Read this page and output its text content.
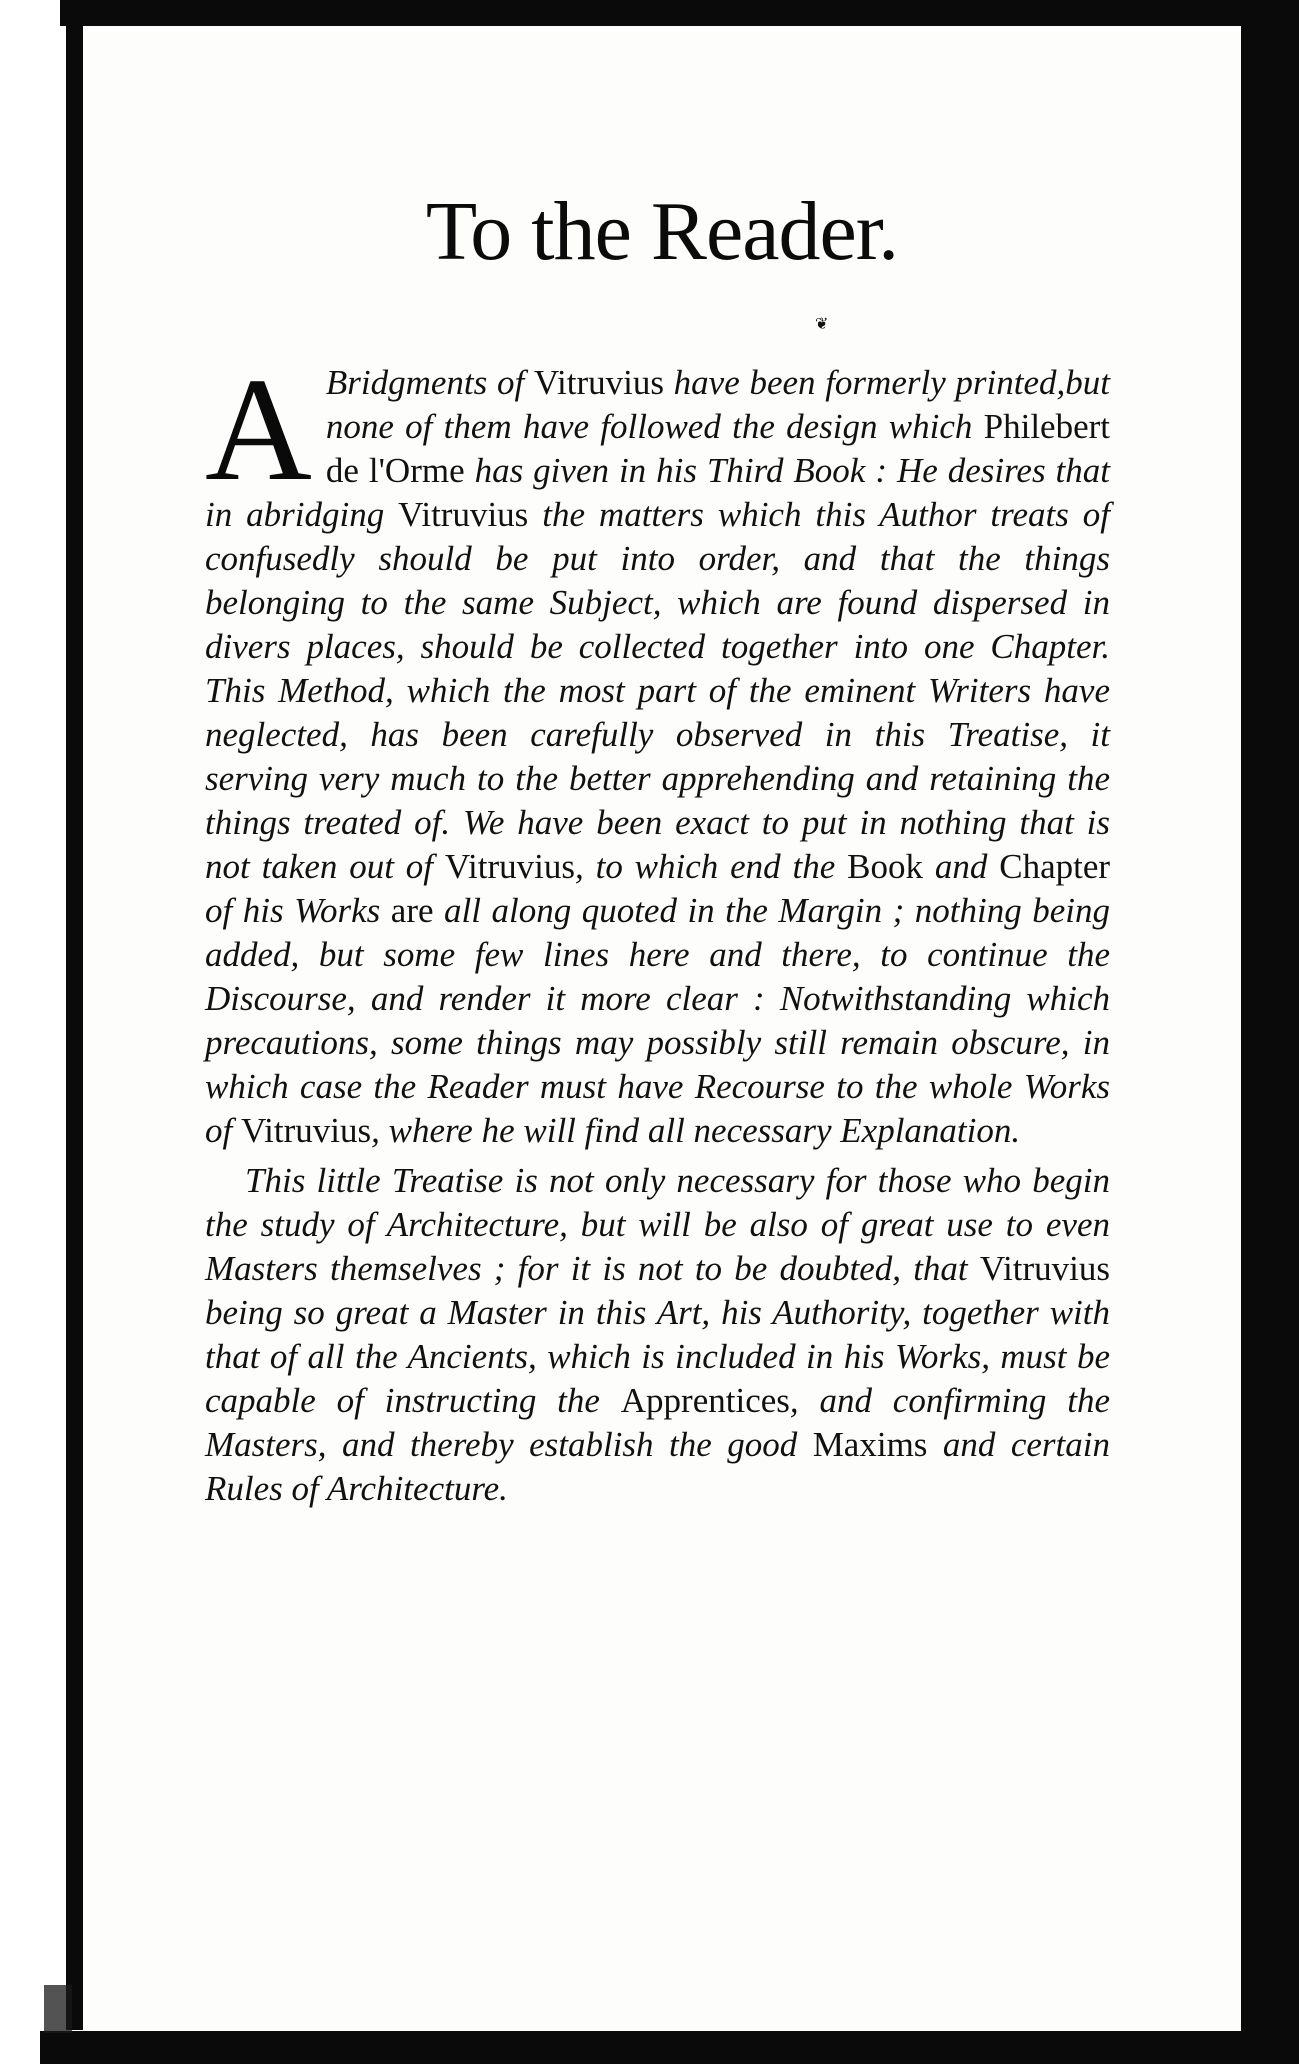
To the Reader.
❦

A Bridgments of Vitruvius have been formerly printed,but none of them have followed the design which Philebert de l'Orme has given in his Third Book : He desires that in abridging Vitruvius the matters which this Author treats of confusedly should be put into order, and that the things belonging to the same Subject, which are found dispersed in divers places, should be collected together into one Chapter. This Method, which the most part of the eminent Writers have neglected, has been carefully observed in this Treatise, it serving very much to the better apprehending and retaining the things treated of. We have been exact to put in nothing that is not taken out of Vitruvius, to which end the Book and Chapter of his Works are all along quoted in the Margin ; nothing being added, but some few lines here and there, to continue the Discourse, and render it more clear : Notwithstanding which precautions, some things may possibly still remain obscure, in which case the Reader must have Recourse to the whole Works of Vitruvius, where he will find all necessary Explanation.

This little Treatise is not only necessary for those who begin the study of Architecture, but will be also of great use to even Masters themselves ; for it is not to be doubted, that Vitruvius being so great a Master in this Art, his Authority, together with that of all the Ancients, which is included in his Works, must be capable of instructing the Apprentices, and confirming the Masters, and thereby establish the good Maxims and certain Rules of Architecture.
